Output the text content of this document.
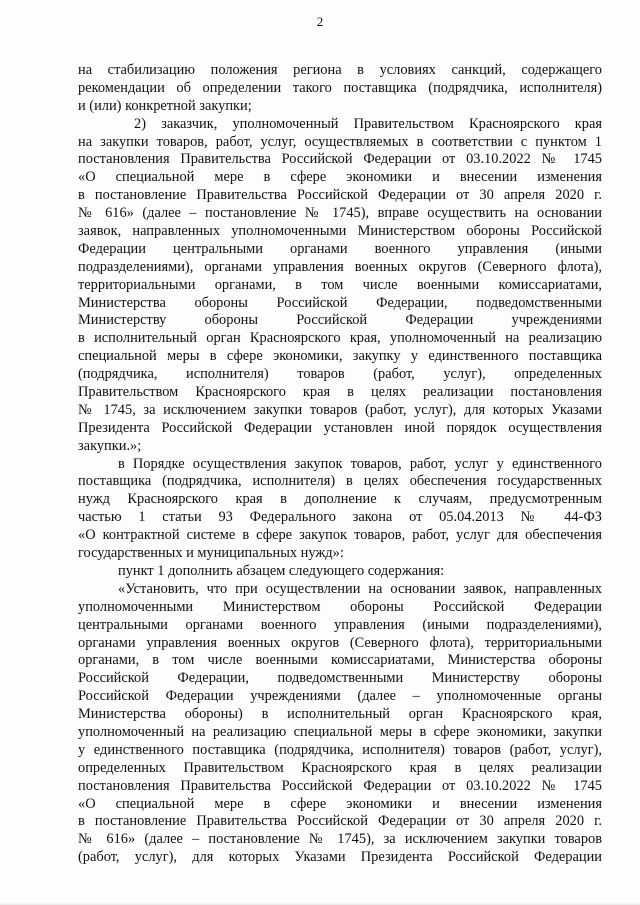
2
на стабилизацию положения региона в условиях санкций, содержащего
рекомендации об определении такого поставщика (подрядчика, исполнителя)
и (или) конкретной закупки;
2) заказчик, уполномоченный Правительством Красноярского края
на закупки товаров, работ, услуг, осуществляемых в соответствии с пунктом 1
постановления Правительства Российской Федерации от 03.10.2022 № 1745
«О специальной мере в сфере экономики и внесении изменения
в постановление Правительства Российской Федерации от 30 апреля 2020 г.
№ 616» (далее – постановление № 1745), вправе осуществить на основании
заявок, направленных уполномоченными Министерством обороны Российской
Федерации центральными органами военного управления (иными
подразделениями), органами управления военных округов (Северного флота),
территориальными органами, в том числе военными комиссариатами,
Министерства обороны Российской Федерации, подведомственными
Министерству обороны Российской Федерации учреждениями
в исполнительный орган Красноярского края, уполномоченный на реализацию
специальной меры в сфере экономики, закупку у единственного поставщика
(подрядчика, исполнителя) товаров (работ, услуг), определенных
Правительством Красноярского края в целях реализации постановления
№ 1745, за исключением закупки товаров (работ, услуг), для которых Указами
Президента Российской Федерации установлен иной порядок осуществления
закупки.»;
в Порядке осуществления закупок товаров, работ, услуг у единственного
поставщика (подрядчика, исполнителя) в целях обеспечения государственных
нужд Красноярского края в дополнение к случаям, предусмотренным
частью 1 статьи 93 Федерального закона от 05.04.2013 № 44-ФЗ
«О контрактной системе в сфере закупок товаров, работ, услуг для обеспечения
государственных и муниципальных нужд»:
пункт 1 дополнить абзацем следующего содержания:
«Установить, что при осуществлении на основании заявок, направленных
уполномоченными Министерством обороны Российской Федерации
центральными органами военного управления (иными подразделениями),
органами управления военных округов (Северного флота), территориальными
органами, в том числе военными комиссариатами, Министерства обороны
Российской Федерации, подведомственными Министерству обороны
Российской Федерации учреждениями (далее – уполномоченные органы
Министерства обороны) в исполнительный орган Красноярского края,
уполномоченный на реализацию специальной меры в сфере экономики, закупки
у единственного поставщика (подрядчика, исполнителя) товаров (работ, услуг),
определенных Правительством Красноярского края в целях реализации
постановления Правительства Российской Федерации от 03.10.2022 № 1745
«О специальной мере в сфере экономики и внесении изменения
в постановление Правительства Российской Федерации от 30 апреля 2020 г.
№ 616» (далее – постановление № 1745), за исключением закупки товаров
(работ, услуг), для которых Указами Президента Российской Федерации
